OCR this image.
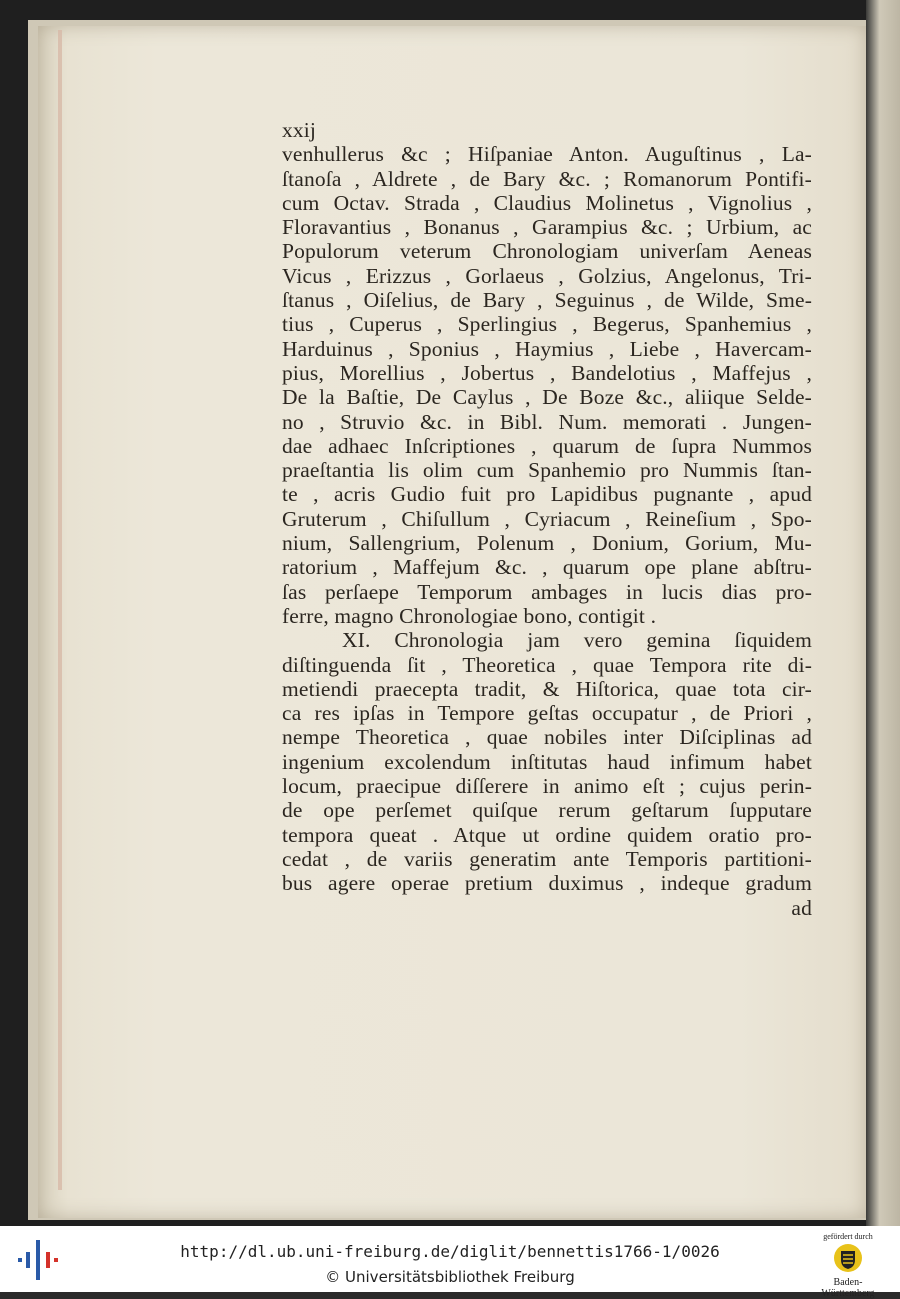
xxij
venhullerus &c ; Hiſpaniae Anton. Auguſtinus , La-
ſtanoſa , Aldrete , de Bary &c. ; Romanorum Pontifi-
cum Octav. Strada , Claudius Molinetus , Vignolius ,
Floravantius , Bonanus , Garampius &c. ; Urbium, ac
Populorum veterum Chronologiam univerſam Aeneas
Vicus , Erizzus , Gorlaeus , Golzius, Angelonus, Tri-
ſtanus , Oiſelius, de Bary , Seguinus , de Wilde, Sme-
tius , Cuperus , Sperlingius , Begerus, Spanhemius ,
Harduinus , Sponius , Haymius , Liebe , Havercam-
pius, Morellius , Jobertus , Bandelotius , Maffejus ,
De la Baſtie, De Caylus , De Boze &c., aliique Selde-
no , Struvio &c. in Bibl. Num. memorati . Jungen-
dae adhaec Inſcriptiones , quarum de ſupra Nummos
praeſtantia lis olim cum Spanhemio pro Nummis ſtan-
te , acris Gudio fuit pro Lapidibus pugnante , apud
Gruterum , Chiſullum , Cyriacum , Reineſium , Spo-
nium, Sallengrium, Polenum , Donium, Gorium, Mu-
ratorium , Maffejum &c. , quarum ope plane abſtru-
ſas perſaepe Temporum ambages in lucis dias pro-
ferre, magno Chronologiae bono, contigit .
XI. Chronologia jam vero gemina ſiquidem
diſtinguenda ſit , Theoretica , quae Tempora rite di-
metiendi praecepta tradit, & Hiſtorica, quae tota cir-
ca res ipſas in Tempore geſtas occupatur , de Priori ,
nempe Theoretica , quae nobiles inter Diſciplinas ad
ingenium excolendum inſtitutas haud infimum habet
locum, praecipue diſſerere in animo eſt ; cujus perin-
de ope perſemet quiſque rerum geſtarum ſupputare
tempora queat . Atque ut ordine quidem oratio pro-
cedat , de variis generatim ante Temporis partitioni-
bus agere operae pretium duximus , indeque gradum
ad
http://dl.ub.uni-freiburg.de/diglit/bennettis1766-1/0026
© Universitätsbibliothek Freiburg
gefördert durch
Baden-Württemberg
